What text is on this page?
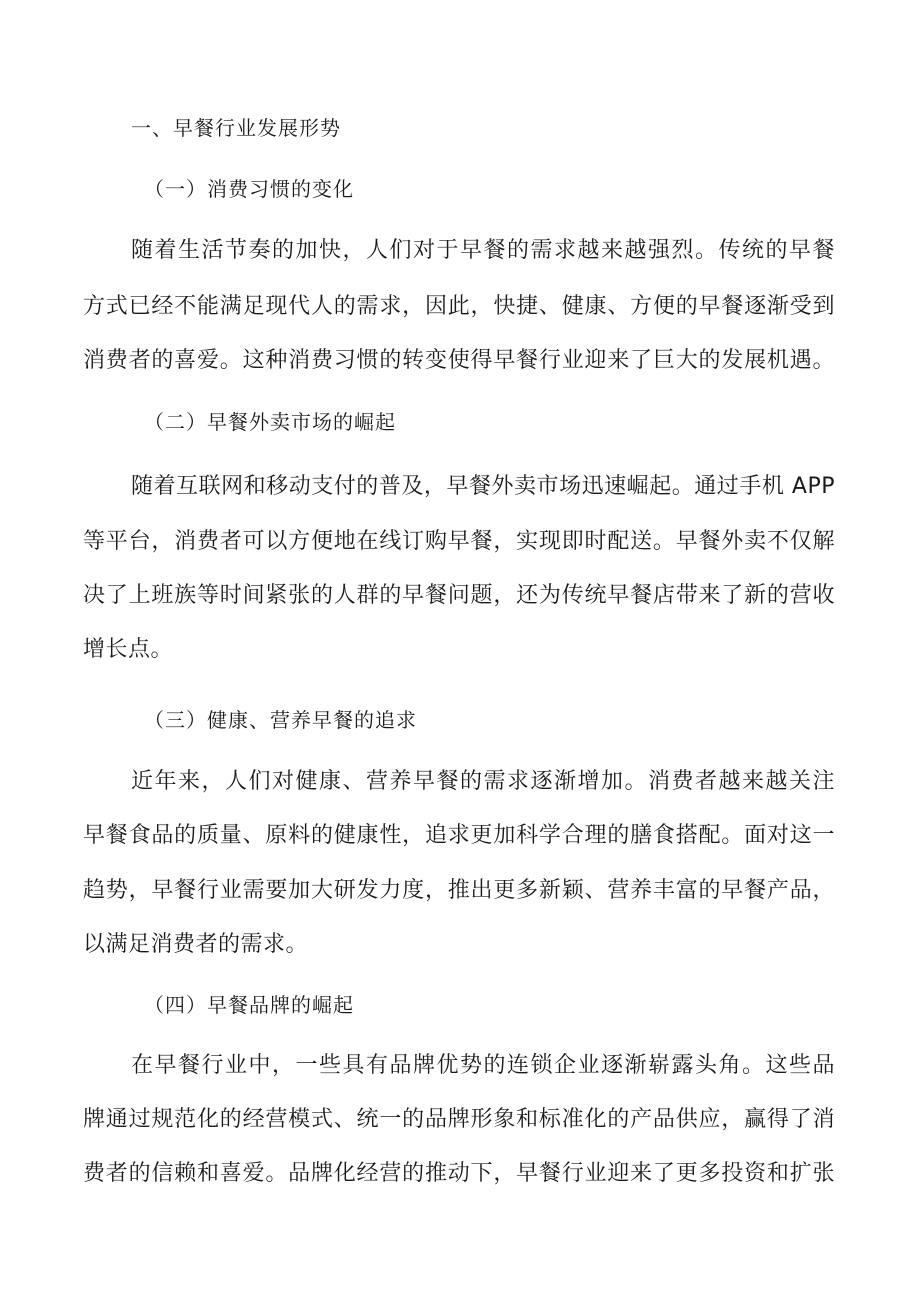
一、早餐行业发展形势
（一）消费习惯的变化
随着生活节奏的加快，人们对于早餐的需求越来越强烈。传统的早餐
方式已经不能满足现代人的需求，因此，快捷、健康、方便的早餐逐渐受到
消费者的喜爱。这种消费习惯的转变使得早餐行业迎来了巨大的发展机遇。
（二）早餐外卖市场的崛起
随着互联网和移动支付的普及，早餐外卖市场迅速崛起。通过手机 APP
等平台，消费者可以方便地在线订购早餐，实现即时配送。早餐外卖不仅解
决了上班族等时间紧张的人群的早餐问题，还为传统早餐店带来了新的营收
增长点。
（三）健康、营养早餐的追求
近年来，人们对健康、营养早餐的需求逐渐增加。消费者越来越关注
早餐食品的质量、原料的健康性，追求更加科学合理的膳食搭配。面对这一
趋势，早餐行业需要加大研发力度，推出更多新颖、营养丰富的早餐产品，
以满足消费者的需求。
（四）早餐品牌的崛起
在早餐行业中，一些具有品牌优势的连锁企业逐渐崭露头角。这些品
牌通过规范化的经营模式、统一的品牌形象和标准化的产品供应，赢得了消
费者的信赖和喜爱。品牌化经营的推动下，早餐行业迎来了更多投资和扩张
